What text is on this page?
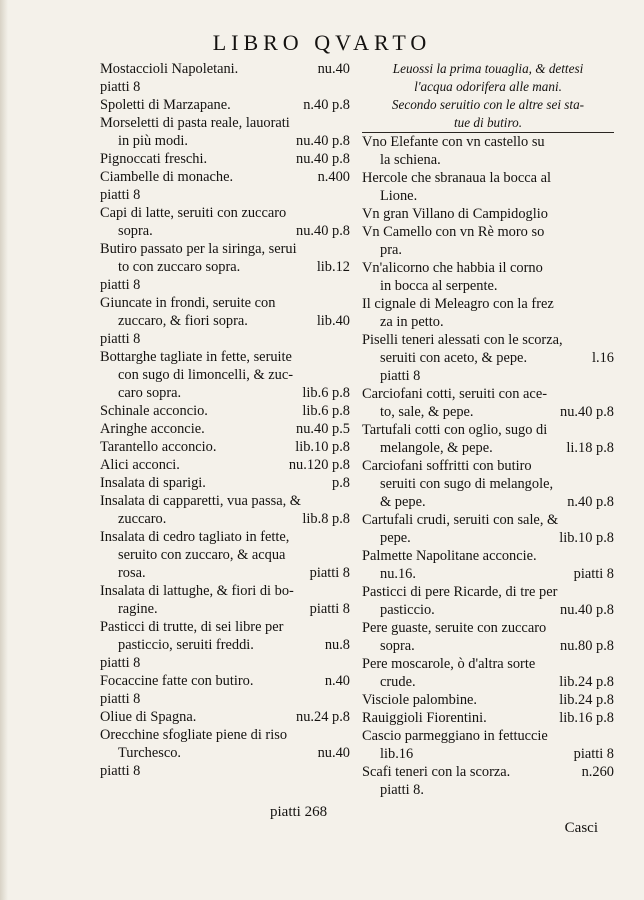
LIBRO QVARTO
nu.40
Mostaccioli Napoletani.
piatti 8
n.40 p.8
Spoletti di Marzapane.
Morseletti di pasta reale, lauorati
nu.40 p.8
in più modi.
nu.40 p.8
Pignoccati freschi.
n.400
Ciambelle di monache.
piatti 8
Capi di latte, seruiti con zuccaro
nu.40 p.8
sopra.
Butiro passato per la siringa, serui
lib.12
to con zuccaro sopra.
piatti 8
Giuncate in frondi, seruite con
lib.40
zuccaro, & fiori sopra.
piatti 8
Bottarghe tagliate in fette, seruite
con sugo di limoncelli, & zuc-
lib.6 p.8
caro sopra.
lib.6 p.8
Schinale acconcio.
nu.40 p.5
Aringhe acconcie.
lib.10 p.8
Tarantello acconcio.
nu.120 p.8
Alici acconci.
p.8
Insalata di sparigi.
Insalata di capparetti, vua passa, &
lib.8 p.8
zuccaro.
Insalata di cedro tagliato in fette,
seruito con zuccaro, & acqua
piatti 8
rosa.
Insalata di lattughe, & fiori di bo-
piatti 8
ragine.
Pasticci di trutte, di sei libre per
nu.8
pasticcio, seruiti freddi.
piatti 8
n.40
Focaccine fatte con butiro.
piatti 8
nu.24 p.8
Oliue di Spagna.
Orecchine sfogliate piene di riso
nu.40
Turchesco.
piatti 8
Leuossi la prima touaglia, & dettesi
l'acqua odorifera alle mani.
Secondo seruitio con le altre sei sta-
tue di butiro.
Vno Elefante con vn castello su
la schiena.
Hercole che sbranaua la bocca al
Lione.
Vn gran Villano di Campidoglio
Vn Camello con vn Rè moro so
pra.
Vn'alicorno che habbia il corno
in bocca al serpente.
Il cignale di Meleagro con la frez
za in petto.
Piselli teneri alessati con le scorza,
l.16
seruiti con aceto, & pepe.
piatti 8
Carciofani cotti, seruiti con ace-
nu.40 p.8
to, sale, & pepe.
Tartufali cotti con oglio, sugo di
li.18 p.8
melangole, & pepe.
Carciofani soffritti con butiro
seruiti con sugo di melangole,
n.40 p.8
& pepe.
Cartufali crudi, seruiti con sale, &
lib.10 p.8
pepe.
Palmette Napolitane acconcie.
piatti 8
nu.16.
Pasticci di pere Ricarde, di tre per
nu.40 p.8
pasticcio.
Pere guaste, seruite con zuccaro
nu.80 p.8
sopra.
Pere moscarole, ò d'altra sorte
lib.24 p.8
crude.
lib.24 p.8
Visciole palombine.
lib.16 p.8
Rauiggioli Fiorentini.
Cascio parmeggiano in fettuccie
piatti 8
lib.16
n.260
Scafi teneri con la scorza.
piatti 8.
piatti 268
Casci
